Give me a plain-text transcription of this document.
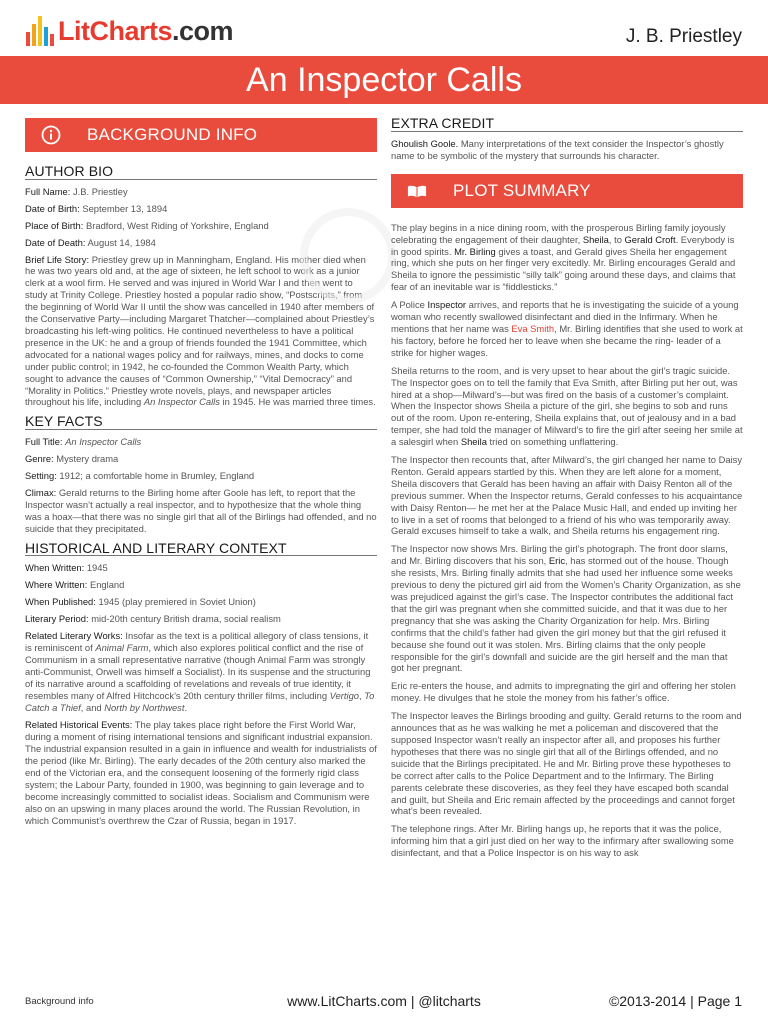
LitCharts.com	J. B. Priestley
An Inspector Calls
BACKGROUND INFO
AUTHOR BIO
Full Name: J.B. Priestley
Date of Birth: September 13, 1894
Place of Birth: Bradford, West Riding of Yorkshire, England
Date of Death: August 14, 1984
Brief Life Story: Priestley grew up in Manningham, England. His mother died when he was two years old and, at the age of sixteen, he left school to work as a junior clerk at a wool firm. He served and was injured in World War I and then went to study at Trinity College. Priestley hosted a popular radio show, “Postscripts,” from the beginning of World War II until the show was cancelled in 1940 after members of the Conservative Party—including Margaret Thatcher—complained about Priestley’s broadcasting his left-wing politics. He continued nevertheless to have a political presence in the UK: he and a group of friends founded the 1941 Committee, which advocated for a national wages policy and for railways, mines, and docks to come under public control; in 1942, he co-founded the Common Wealth Party, which sought to advance the causes of “Common Ownership,” “Vital Democracy” and “Morality in Politics.” Priestley wrote novels, plays, and newspaper articles throughout his life, including An Inspector Calls in 1945. He was married three times.
KEY FACTS
Full Title: An Inspector Calls
Genre: Mystery drama
Setting: 1912; a comfortable home in Brumley, England
Climax: Gerald returns to the Birling home after Goole has left, to report that the Inspector wasn’t actually a real inspector, and to hypothesize that the whole thing was a hoax—that there was no single girl that all of the Birlings had offended, and no suicide that they precipitated.
HISTORICAL AND LITERARY CONTEXT
When Written: 1945
Where Written: England
When Published: 1945 (play premiered in Soviet Union)
Literary Period: mid-20th century British drama, social realism
Related Literary Works: Insofar as the text is a political allegory of class tensions, it is reminiscent of Animal Farm, which also explores political conflict and the rise of Communism in a small representative narrative (though Animal Farm was strongly anti-Communist, Orwell was himself a Socialist). In its suspense and the structuring of its narrative around a scaffolding of revelations and reveals of true identity, it resembles many of Alfred Hitchcock’s 20th century thriller films, including Vertigo, To Catch a Thief, and North by Northwest.
Related Historical Events: The play takes place right before the First World War, during a moment of rising international tensions and significant industrial expansion. The industrial expansion resulted in a gain in influence and wealth for industrialists of the period (like Mr. Birling). The early decades of the 20th century also marked the end of the Victorian era, and the consequent loosening of the formerly rigid class system; the Labour Party, founded in 1900, was beginning to gain leverage and to become increasingly committed to socialist ideas. Socialism and Communism were also on an upswing in many places around the world. The Russian Revolution, in which Communist’s overthrew the Czar of Russia, began in 1917.
EXTRA CREDIT
Ghoulish Goole. Many interpretations of the text consider the Inspector’s ghostly name to be symbolic of the mystery that surrounds his character.
PLOT SUMMARY
The play begins in a nice dining room, with the prosperous Birling family joyously celebrating the engagement of their daughter, Sheila, to Gerald Croft. Everybody is in good spirits. Mr. Birling gives a toast, and Gerald gives Sheila her engagement ring, which she puts on her finger very excitedly. Mr. Birling encourages Gerald and Sheila to ignore the pessimistic “silly talk” going around these days, and claims that fear of an inevitable war is “fiddlesticks.”
A Police Inspector arrives, and reports that he is investigating the suicide of a young woman who recently swallowed disinfectant and died in the Infirmary. When he mentions that her name was Eva Smith, Mr. Birling identifies that she used to work at his factory, before he forced her to leave when she became the ring- leader of a strike for higher wages.
Sheila returns to the room, and is very upset to hear about the girl’s tragic suicide. The Inspector goes on to tell the family that Eva Smith, after Birling put her out, was hired at a shop—Milward’s—but was fired on the basis of a customer’s complaint. When the Inspector shows Sheila a picture of the girl, she begins to sob and runs out of the room. Upon re-entering, Sheila explains that, out of jealousy and in a bad temper, she had told the manager of Milward’s to fire the girl after seeing her smile at a salesgirl when Sheila tried on something unflattering.
The Inspector then recounts that, after Milward’s, the girl changed her name to Daisy Renton. Gerald appears startled by this. When they are left alone for a moment, Sheila discovers that Gerald has been having an affair with Daisy Renton all of the previous summer. When the Inspector returns, Gerald confesses to his acquaintance with Daisy Renton— he met her at the Palace Music Hall, and ended up inviting her to live in a set of rooms that belonged to a friend of his who was temporarily away. Gerald excuses himself to take a walk, and Sheila returns his engagement ring.
The Inspector now shows Mrs. Birling the girl’s photograph. The front door slams, and Mr. Birling discovers that his son, Eric, has stormed out of the house. Though she resists, Mrs. Birling finally admits that she had used her influence some weeks previous to deny the pictured girl aid from the Women’s Charity Organization, as she was prejudiced against the girl’s case. The Inspector contributes the additional fact that the girl was pregnant when she committed suicide, and that it was due to her pregnancy that she was asking the Charity Organization for help. Mrs. Birling confirms that the child’s father had given the girl money but that the girl refused it because she found out it was stolen. Mrs. Birling claims that the only people responsible for the girl’s downfall and suicide are the girl herself and the man that got her pregnant.
Eric re-enters the house, and admits to impregnating the girl and offering her stolen money. He divulges that he stole the money from his father’s office.
The Inspector leaves the Birlings brooding and guilty. Gerald returns to the room and announces that as he was walking he met a policeman and discovered that the supposed Inspector wasn’t really an inspector after all, and proposes his further hypotheses that there was no single girl that all of the Birlings offended, and no suicide that the Birlings precipitated. He and Mr. Birling prove these hypotheses to be correct after calls to the Police Department and to the Infirmary. The Birling parents celebrate these discoveries, as they feel they have escaped both scandal and guilt, but Sheila and Eric remain affected by the proceedings and cannot forget what’s been revealed.
The telephone rings. After Mr. Birling hangs up, he reports that it was the police, informing him that a girl just died on her way to the infirmary after swallowing some disinfectant, and that a Police Inspector is on his way to ask
Background info	www.LitCharts.com | @litcharts	©2013-2014 | Page 1
